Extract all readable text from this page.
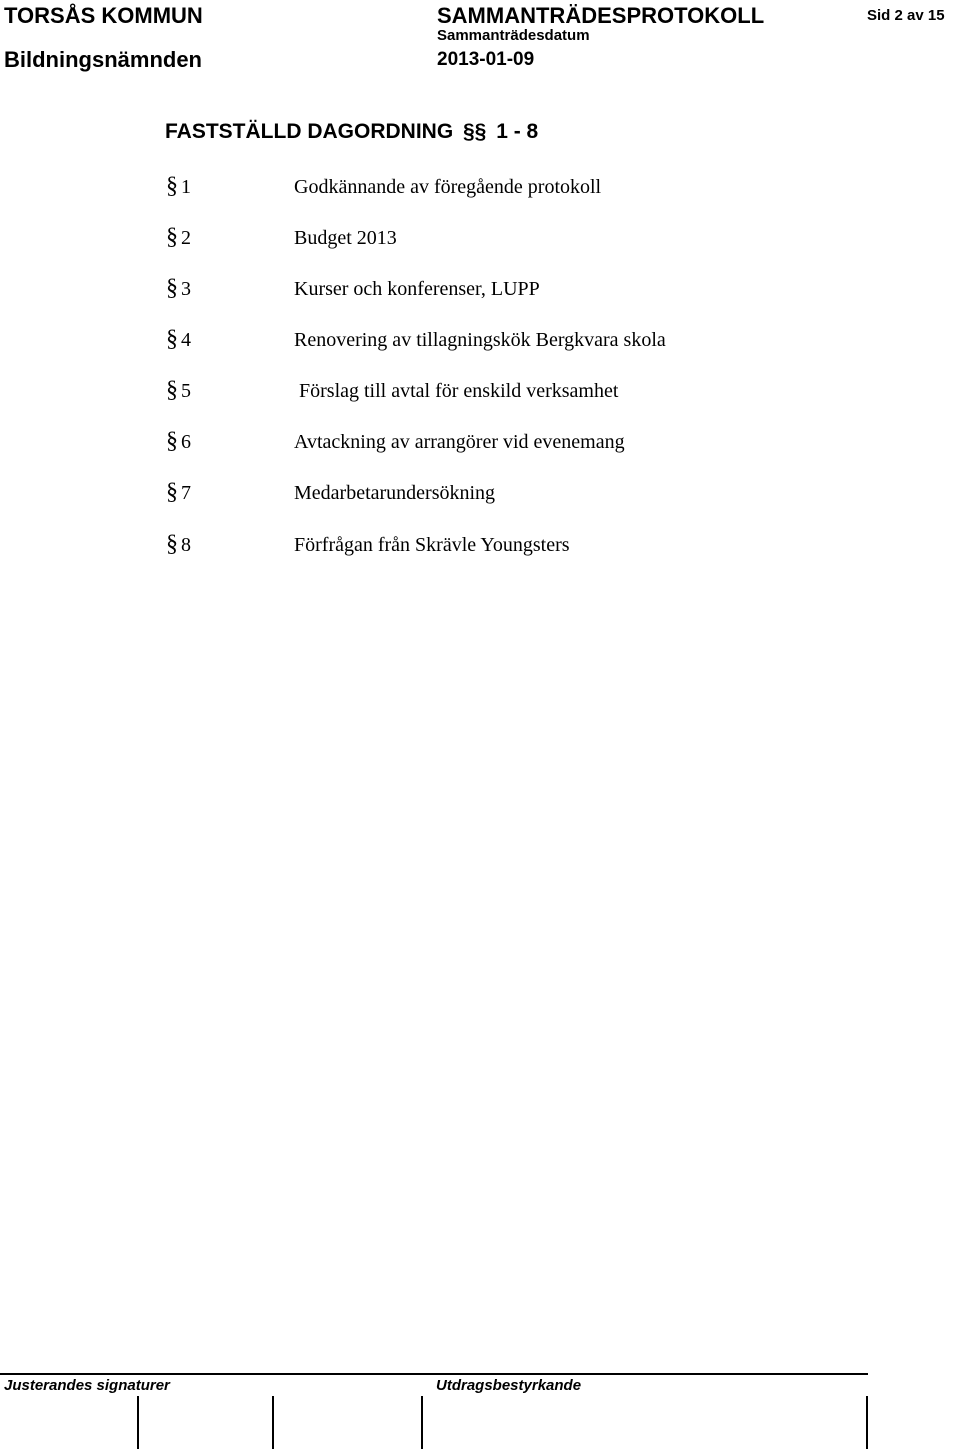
TORSÅS KOMMUN
Bildningsnämnden
SAMMANTRÄDESPROTOKOLL
Sammanträdesdatum
2013-01-09
Sid 2 av 15
FASTSTÄLLD DAGORDNING §§ 1 - 8
§ 1	Godkännande av föregående protokoll
§ 2	Budget 2013
§ 3	Kurser och konferenser, LUPP
§ 4	Renovering av tillagningskök Bergkvara skola
§ 5	Förslag till avtal för enskild verksamhet
§ 6	Avtackning av arrangörer vid evenemang
§ 7	Medarbetarundersökning
§ 8	Förfrågan från Skrävle Youngsters
Justerandes signaturer	Utdragsbestyrkande
